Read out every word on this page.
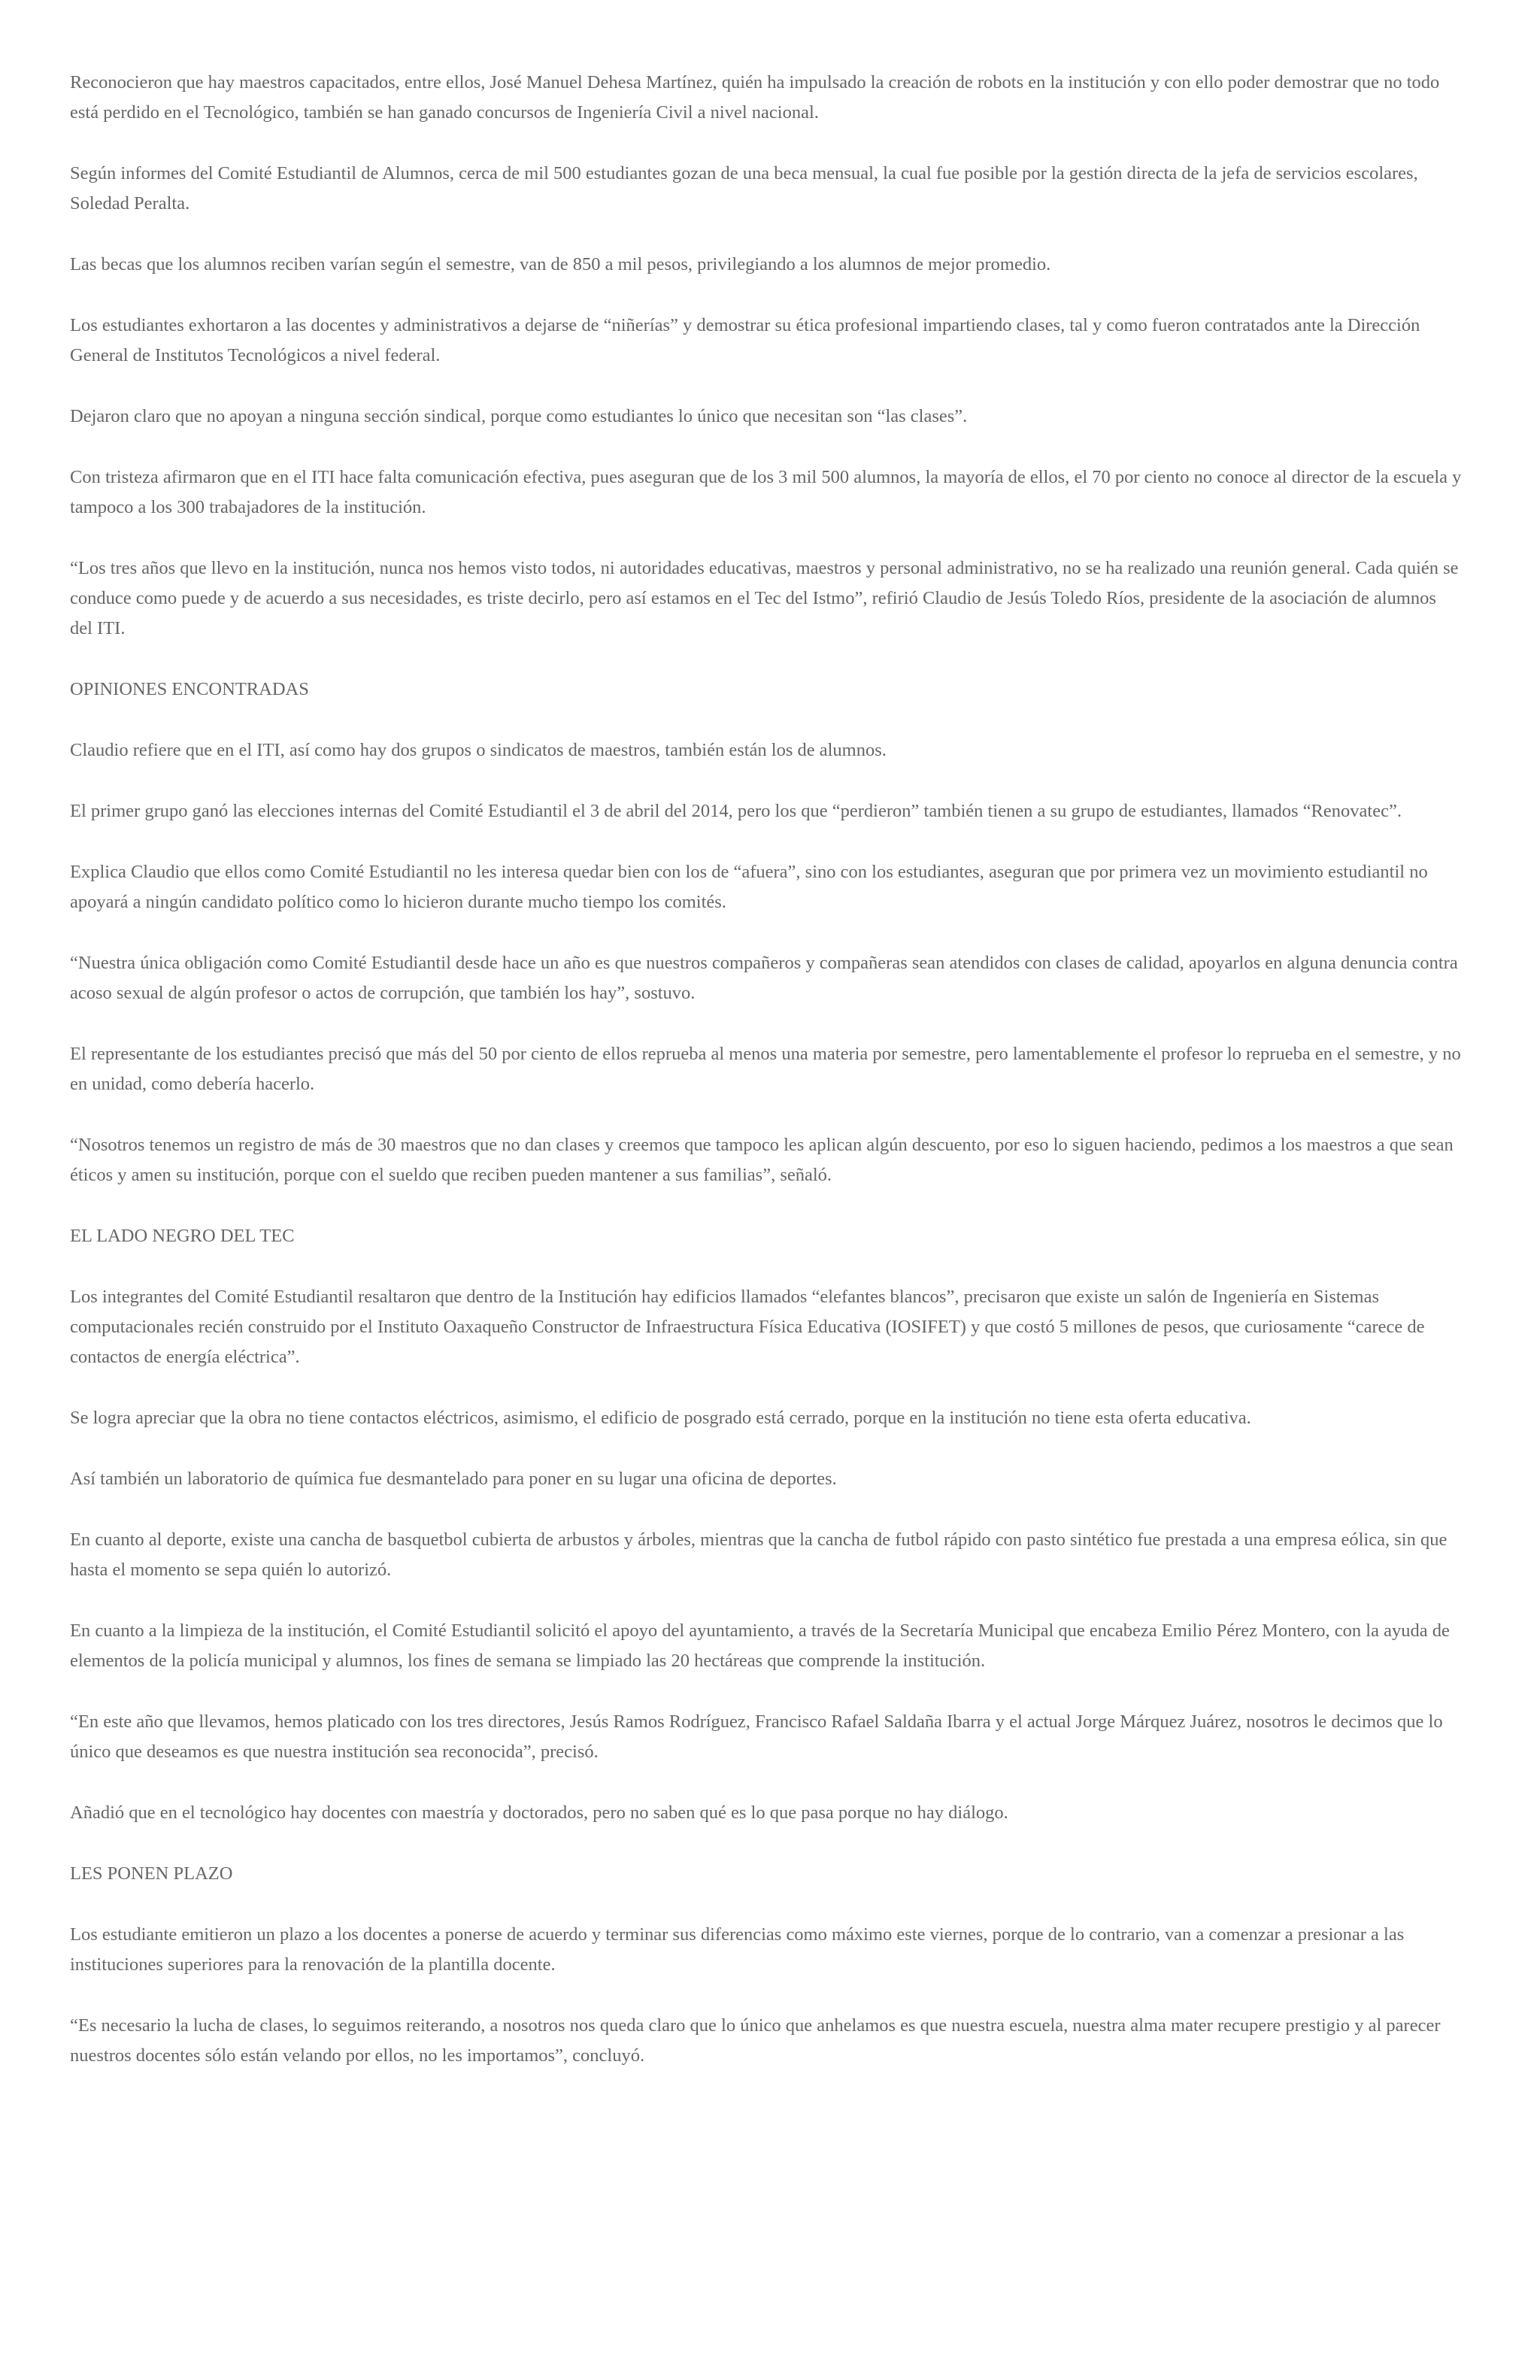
Reconocieron que hay maestros capacitados, entre ellos, José Manuel Dehesa Martínez, quién ha impulsado la creación de robots en la institución y con ello poder demostrar que no todo está perdido en el Tecnológico, también se han ganado concursos de Ingeniería Civil a nivel nacional.

Según informes del Comité Estudiantil de Alumnos, cerca de mil 500 estudiantes gozan de una beca mensual, la cual fue posible por la gestión directa de la jefa de servicios escolares, Soledad Peralta.

Las becas que los alumnos reciben varían según el semestre, van de 850 a mil pesos, privilegiando a los alumnos de mejor promedio.

Los estudiantes exhortaron a las docentes y administrativos a dejarse de “niñerías” y demostrar su ética profesional impartiendo clases, tal y como fueron contratados ante la Dirección General de Institutos Tecnológicos a nivel federal.

Dejaron claro que no apoyan a ninguna sección sindical, porque como estudiantes lo único que necesitan son “las clases”.

Con tristeza afirmaron que en el ITI hace falta comunicación efectiva, pues aseguran que de los 3 mil 500 alumnos, la mayoría de ellos, el 70 por ciento no conoce al director de la escuela y tampoco a los 300 trabajadores de la institución.

“Los tres años que llevo en la institución, nunca nos hemos visto todos, ni autoridades educativas, maestros y personal administrativo, no se ha realizado una reunión general. Cada quién se conduce como puede y de acuerdo a sus necesidades, es triste decirlo, pero así estamos en el Tec del Istmo”, refirió Claudio de Jesús Toledo Ríos, presidente de la asociación de alumnos del ITI.

OPINIONES ENCONTRADAS

Claudio refiere que en el ITI, así como hay dos grupos o sindicatos de maestros, también están los de alumnos.

El primer grupo ganó las elecciones internas del Comité Estudiantil el 3 de abril del 2014, pero los que “perdieron” también tienen a su grupo de estudiantes, llamados “Renovatec”.

Explica Claudio que ellos como Comité Estudiantil no les interesa quedar bien con los de “afuera”, sino con los estudiantes, aseguran que por primera vez un movimiento estudiantil no apoyará a ningún candidato político como lo hicieron durante mucho tiempo los comités.

“Nuestra única obligación como Comité Estudiantil desde hace un año es que nuestros compañeros y compañeras sean atendidos con clases de calidad, apoyarlos en alguna denuncia contra acoso sexual de algún profesor o actos de corrupción, que también los hay”, sostuvo.

El representante de los estudiantes precisó que más del 50 por ciento de ellos reprueba al menos una materia por semestre, pero lamentablemente el profesor lo reprueba en el semestre, y no en unidad, como debería hacerlo.

“Nosotros tenemos un registro de más de 30 maestros que no dan clases y creemos que tampoco les aplican algún descuento, por eso lo siguen haciendo, pedimos a los maestros a que sean éticos y amen su institución, porque con el sueldo que reciben pueden mantener a sus familias”, señaló.

EL LADO NEGRO DEL TEC

Los integrantes del Comité Estudiantil resaltaron que dentro de la Institución hay edificios llamados “elefantes blancos”, precisaron que existe un salón de Ingeniería en Sistemas computacionales recién construido por el Instituto Oaxaqueño Constructor de Infraestructura Física Educativa (IOSIFET) y que costó 5 millones de pesos, que curiosamente “carece de contactos de energía eléctrica”.

Se logra apreciar que la obra no tiene contactos eléctricos, asimismo, el edificio de posgrado está cerrado, porque en la institución no tiene esta oferta educativa.

Así también un laboratorio de química fue desmantelado para poner en su lugar una oficina de deportes.

En cuanto al deporte, existe una cancha de basquetbol cubierta de arbustos y árboles, mientras que la cancha de futbol rápido con pasto sintético fue prestada a una empresa eólica, sin que hasta el momento se sepa quién lo autorizó.

En cuanto a la limpieza de la institución, el Comité Estudiantil solicitó el apoyo del ayuntamiento, a través de la Secretaría Municipal que encabeza Emilio Pérez Montero, con la ayuda de elementos de la policía municipal y alumnos, los fines de semana se limpiado las 20 hectáreas que comprende la institución.

“En este año que llevamos, hemos platicado con los tres directores, Jesús Ramos Rodríguez, Francisco Rafael Saldaña Ibarra y el actual Jorge Márquez Juárez, nosotros le decimos que lo único que deseamos es que nuestra institución sea reconocida”, precisó.

Añadió que en el tecnológico hay docentes con maestría y doctorados, pero no saben qué es lo que pasa porque no hay diálogo.

LES PONEN PLAZO

Los estudiante emitieron un plazo a los docentes a ponerse de acuerdo y terminar sus diferencias como máximo este viernes, porque de lo contrario, van a comenzar a presionar a las instituciones superiores para la renovación de la plantilla docente.

“Es necesario la lucha de clases, lo seguimos reiterando, a nosotros nos queda claro que lo único que anhelamos es que nuestra escuela, nuestra alma mater recupere prestigio y al parecer nuestros docentes sólo están velando por ellos, no les importamos”, concluyó.
